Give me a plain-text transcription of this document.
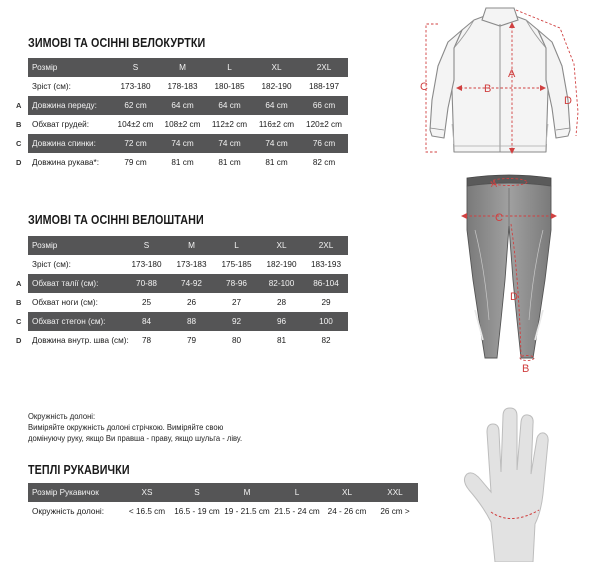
ЗИМОВІ ТА ОСІННІ ВЕЛОКУРТКИ
Розмір	S	M	L	XL	2XL
Зріст (см):	173-180	178-183	180-185	182-190	188-197
Довжина переду:	62 cm	64 cm	64 cm	64 cm	66 cm
Обхват грудей:	104±2 cm	108±2 cm	112±2 cm	116±2 cm	120±2 cm
Довжина спинки:	72 cm	74 cm	74 cm	74 cm	76 cm
Довжина рукава*:	79 cm	81 cm	81 cm	81 cm	82 cm
A
B
C
D
ЗИМОВІ ТА ОСІННІ ВЕЛОШТАНИ
Розмір	S	M	L	XL	2XL
Зріст (см):	173-180	173-183	175-185	182-190	183-193
Обхват талії (см):	70-88	74-92	78-96	82-100	86-104
Обхват ноги (см):	25	26	27	28	29
Обхват стегон (см):	84	88	92	96	100
Довжина внутр. шва (см):	78	79	80	81	82
A
B
C
D
Окружність долоні:
Виміряйте окружність долоні стрічкою. Виміряйте свою
домінуючу руку, якщо Ви правша - праву, якщо шульга - ліву.
ТЕПЛІ РУКАВИЧКИ
Розмір Рукавичок	XS	S	M	L	XL	XXL
Окружність долоні:	< 16.5 cm	16.5 - 19 cm	19 - 21.5 cm	21.5 - 24 cm	24 - 26 cm	26 cm >
A
B
C
D
A
B
C
D
